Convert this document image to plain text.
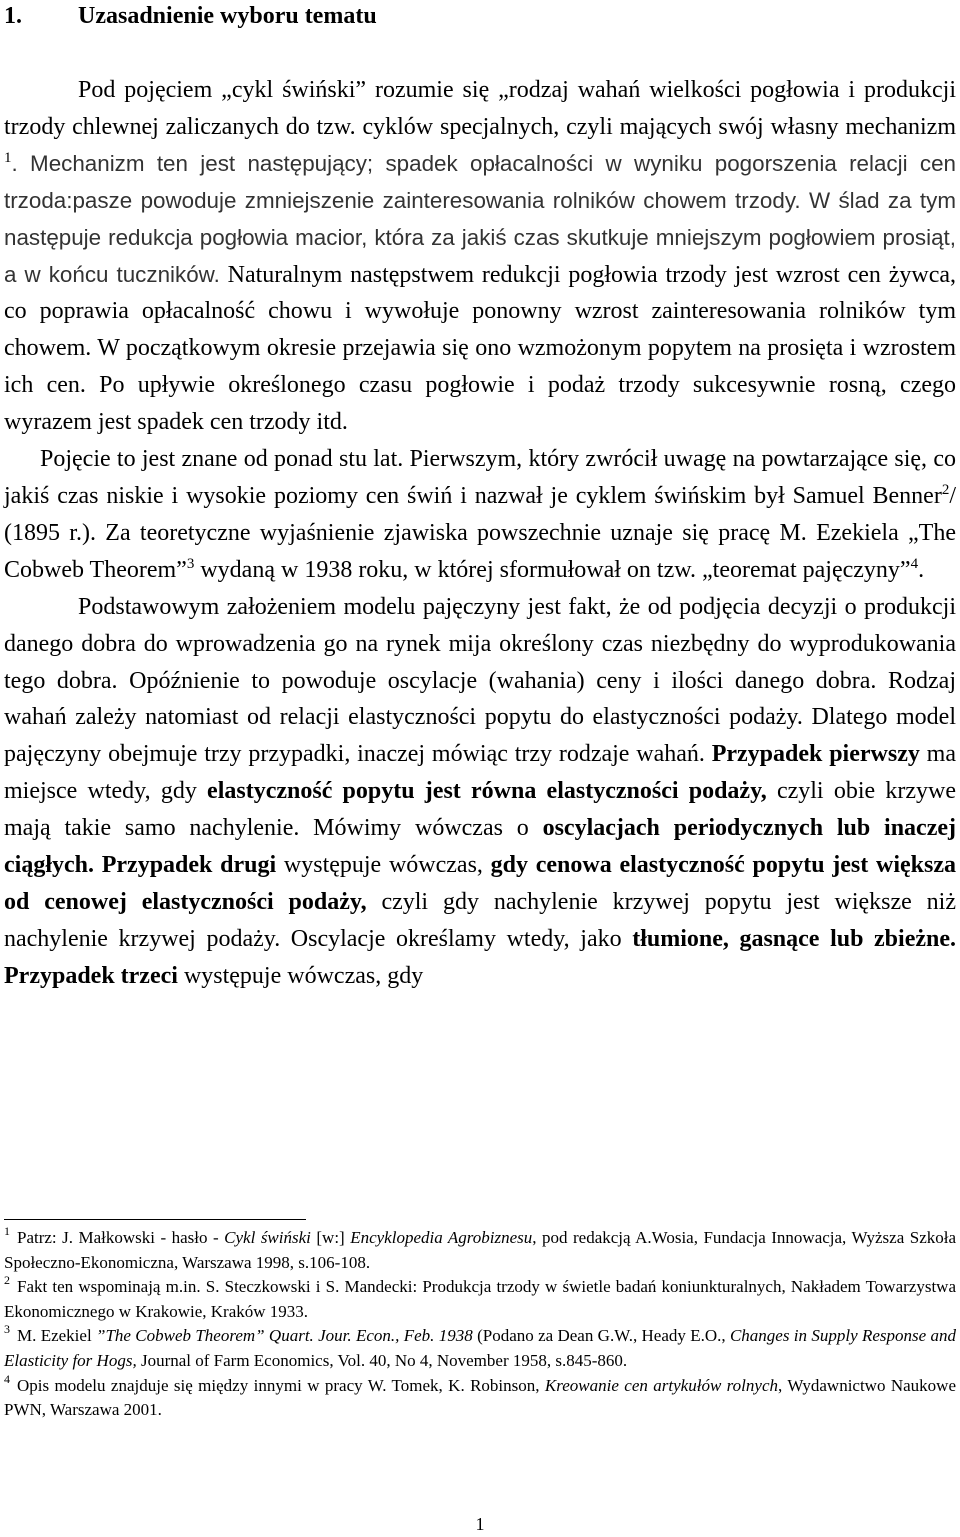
1. Uzasadnienie wyboru tematu

Pod pojęciem „cykl świński” rozumie się „rodzaj wahań wielkości pogłowia i produkcji trzody chlewnej zaliczanych do tzw. cyklów specjalnych, czyli mających swój własny mechanizm $^1$. Mechanizm ten jest następujący; spadek opłacalności w wyniku pogorszenia relacji cen trzoda:pasze powoduje zmniejszenie zainteresowania rolników chowem trzody. W ślad za tym następuje redukcja pogłowia macior, która za jakiś czas skutkuje mniejszym pogłowiem prosiąt, a w końcu tuczników. Naturalnym następstwem redukcji pogłowia trzody jest wzrost cen żywca, co poprawia opłacalność chowu i wywołuje ponowny wzrost zainteresowania rolników tym chowem. W początkowym okresie przejawia się ono wzmożonym popytem na prosięta i wzrostem ich cen. Po upływie określonego czasu pogłowie i podaż trzody sukcesywnie rosną, czego wyrazem jest spadek cen trzody itd.

Pojęcie to jest znane od ponad stu lat. Pierwszym, który zwrócił uwagę na powtarzające się, co jakiś czas niskie i wysokie poziomy cen świń i nazwał je cyklem świńskim był Samuel Benner$^2$/ (1895 r.). Za teoretyczne wyjaśnienie zjawiska powszechnie uznaje się pracę M. Ezekiela „The Cobweb Theorem”$^3$ wydaną w 1938 roku, w której sformułował on tzw. „teoremat pajęczyny”$^4$.

Podstawowym założeniem modelu pajęczyny jest fakt, że od podjęcia decyzji o produkcji danego dobra do wprowadzenia go na rynek mija określony czas niezbędny do wyprodukowania tego dobra. Opóźnienie to powoduje oscylacje (wahania) ceny i ilości danego dobra. Rodzaj wahań zależy natomiast od relacji elastyczności popytu do elastyczności podaży. Dlatego model pajęczyny obejmuje trzy przypadki, inaczej mówiąc trzy rodzaje wahań. Przypadek pierwszy ma miejsce wtedy, gdy elastyczność popytu jest równa elastyczności podaży, czyli obie krzywe mają takie samo nachylenie. Mówimy wówczas o oscylacjach periodycznych lub inaczej ciągłych. Przypadek drugi występuje wówczas, gdy cenowa elastyczność popytu jest większa od cenowej elastyczności podaży, czyli gdy nachylenie krzywej popytu jest większe niż nachylenie krzywej podaży. Oscylacje określamy wtedy, jako tłumione, gasnące lub zbieżne. Przypadek trzeci występuje wówczas, gdy

$^1$ Patrz: J. Małkowski - hasło - Cykl świński [w:] Encyklopedia Agrobiznesu, pod redakcją A.Wosia, Fundacja Innowacja, Wyższa Szkoła Społeczno-Ekonomiczna, Warszawa 1998, s.106-108.

$^2$ Fakt ten wspominają m.in. S. Steczkowski i S. Mandecki: Produkcja trzody w świetle badań koniunkturalnych, Nakładem Towarzystwa Ekonomicznego w Krakowie, Kraków 1933.

$^3$ M. Ezekiel ”The Cobweb Theorem” Quart. Jour. Econ., Feb. 1938 (Podano za Dean G.W., Heady E.O., Changes in Supply Response and Elasticity for Hogs, Journal of Farm Economics, Vol. 40, No 4, November 1958, s.845-860.

$^4$ Opis modelu znajduje się między innymi w pracy W. Tomek, K. Robinson, Kreowanie cen artykułów rolnych, Wydawnictwo Naukowe PWN, Warszawa 2001.

1
